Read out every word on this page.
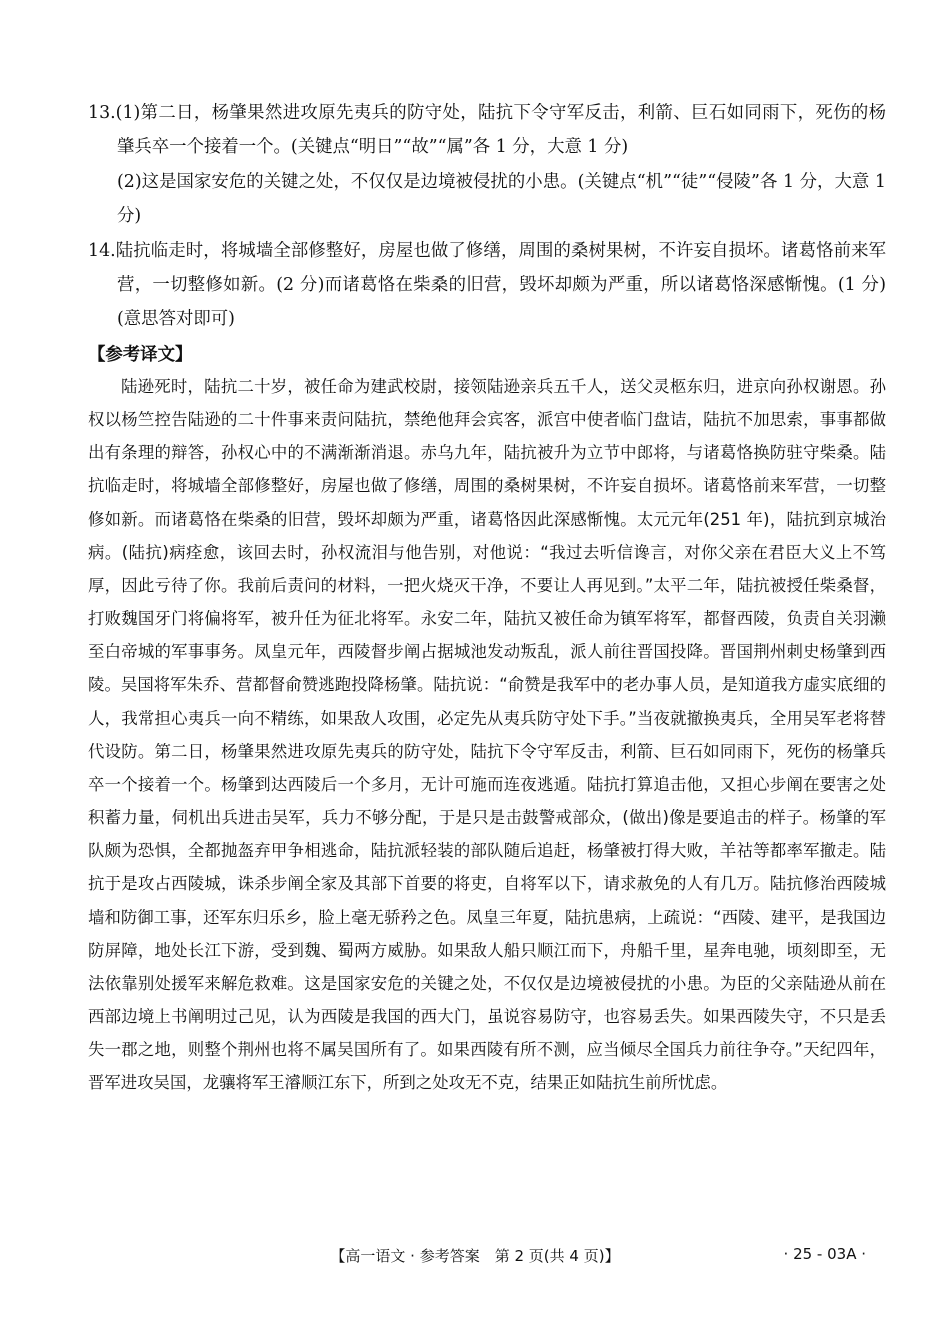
13.(1)第二日，杨肇果然进攻原先夷兵的防守处，陆抗下令守军反击，利箭、巨石如同雨下，死伤的杨肇兵卒一个接着一个。(关键点“明日”“故”“属”各 1 分，大意 1 分)
(2)这是国家安危的关键之处，不仅仅是边境被侵扰的小患。(关键点“机”“徒”“侵陵”各 1 分，大意 1 分)
14.陆抗临走时，将城墙全部修整好，房屋也做了修缮，周围的桑树果树，不许妄自损坏。诸葛恪前来军营，一切整修如新。(2 分)而诸葛恪在柴桑的旧营，毁坏却颇为严重，所以诸葛恪深感惭愧。(1 分)(意思答对即可)
【参考译文】
陆逊死时，陆抗二十岁，被任命为建武校尉，接领陆逊亲兵五千人，送父灵柩东归，进京向孙权谢恩。孙权以杨竺控告陆逊的二十件事来责问陆抗，禁绝他拜会宾客，派宫中使者临门盘诘，陆抗不加思索，事事都做出有条理的辩答，孙权心中的不满渐渐消退。赤乌九年，陆抗被升为立节中郎将，与诸葛恪换防驻守柴桑。陆抗临走时，将城墙全部修整好，房屋也做了修缮，周围的桑树果树，不许妄自损坏。诸葛恪前来军营，一切整修如新。而诸葛恪在柴桑的旧营，毁坏却颇为严重，诸葛恪因此深感惭愧。太元元年(251 年)，陆抗到京城治病。(陆抗)病痊愈，该回去时，孙权流泪与他告别，对他说：“我过去听信谗言，对你父亲在君臣大义上不笃厚，因此亏待了你。我前后责问的材料，一把火烧灭干净，不要让人再见到。”太平二年，陆抗被授任柴桑督，打败魏国牙门将偏将军，被升任为征北将军。永安二年，陆抗又被任命为镇军将军，都督西陵，负责自关羽濑至白帝城的军事事务。凤皇元年，西陵督步阐占据城池发动叛乱，派人前往晋国投降。晋国荆州刺史杨肇到西陵。吴国将军朱乔、营都督俞赞逃跑投降杨肇。陆抗说：“俞赞是我军中的老办事人员，是知道我方虚实底细的人，我常担心夷兵一向不精练，如果敌人攻围，必定先从夷兵防守处下手。”当夜就撤换夷兵，全用吴军老将替代设防。第二日，杨肇果然进攻原先夷兵的防守处，陆抗下令守军反击，利箭、巨石如同雨下，死伤的杨肇兵卒一个接着一个。杨肇到达西陵后一个多月，无计可施而连夜逃遁。陆抗打算追击他，又担心步阐在要害之处积蓄力量，伺机出兵进击吴军，兵力不够分配，于是只是击鼓警戒部众，(做出)像是要追击的样子。杨肇的军队颇为恐惧，全都抛盔弃甲争相逃命，陆抗派轻装的部队随后追赶，杨肇被打得大败，羊祜等都率军撤走。陆抗于是攻占西陵城，诛杀步阐全家及其部下首要的将吏，自将军以下，请求赦免的人有几万。陆抗修治西陵城墙和防御工事，还军东归乐乡，脸上毫无骄矜之色。凤皇三年夏，陆抗患病，上疏说：“西陵、建平，是我国边防屏障，地处长江下游，受到魏、蜀两方威胁。如果敌人船只顺江而下，舟船千里，星奔电驰，顷刻即至，无法依靠别处援军来解危救难。这是国家安危的关键之处，不仅仅是边境被侵扰的小患。为臣的父亲陆逊从前在西部边境上书阐明过己见，认为西陵是我国的西大门，虽说容易防守，也容易丢失。如果西陵失守，不只是丢失一郡之地，则整个荆州也将不属吴国所有了。如果西陵有所不测，应当倾尽全国兵力前往争夺。”天纪四年，晋军进攻吴国，龙骧将军王濬顺江东下，所到之处攻无不克，结果正如陆抗生前所忧虑。
【高一语文 · 参考答案　第 2 页(共 4 页)】	· 25 - 03A ·
